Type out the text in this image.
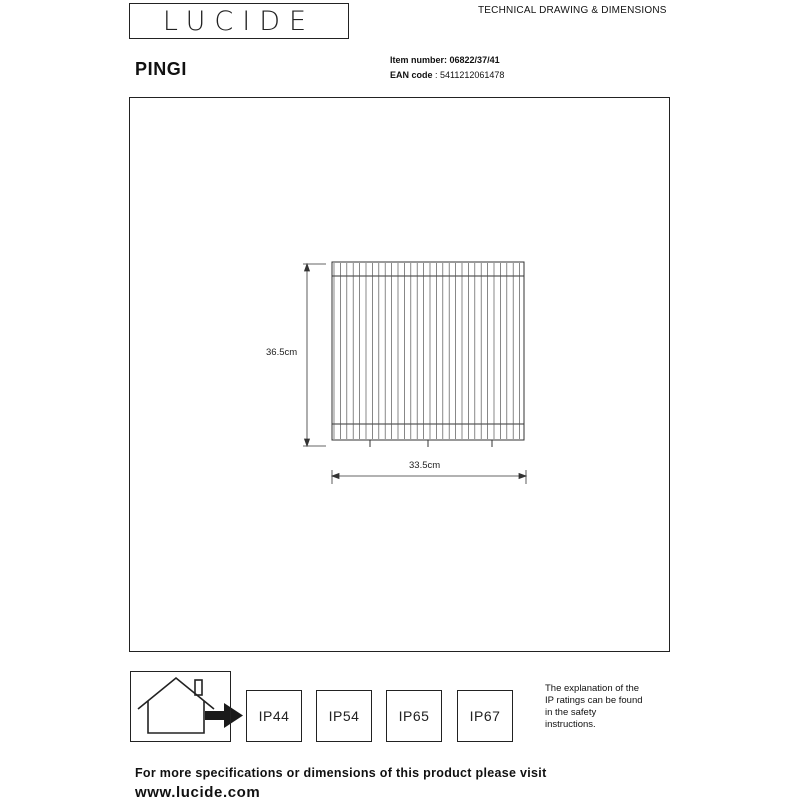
LUCIDE	TECHNICAL DRAWING & DIMENSIONS
PINGI	Item number: 06822/37/41
EAN code : 5411212061478
36.5cm
33.5cm
IP44	IP54	IP65	IP67
The explanation of the
IP ratings can be found
in the safety
instructions.
For more specifications or dimensions of this product please visit
www.lucide.com
